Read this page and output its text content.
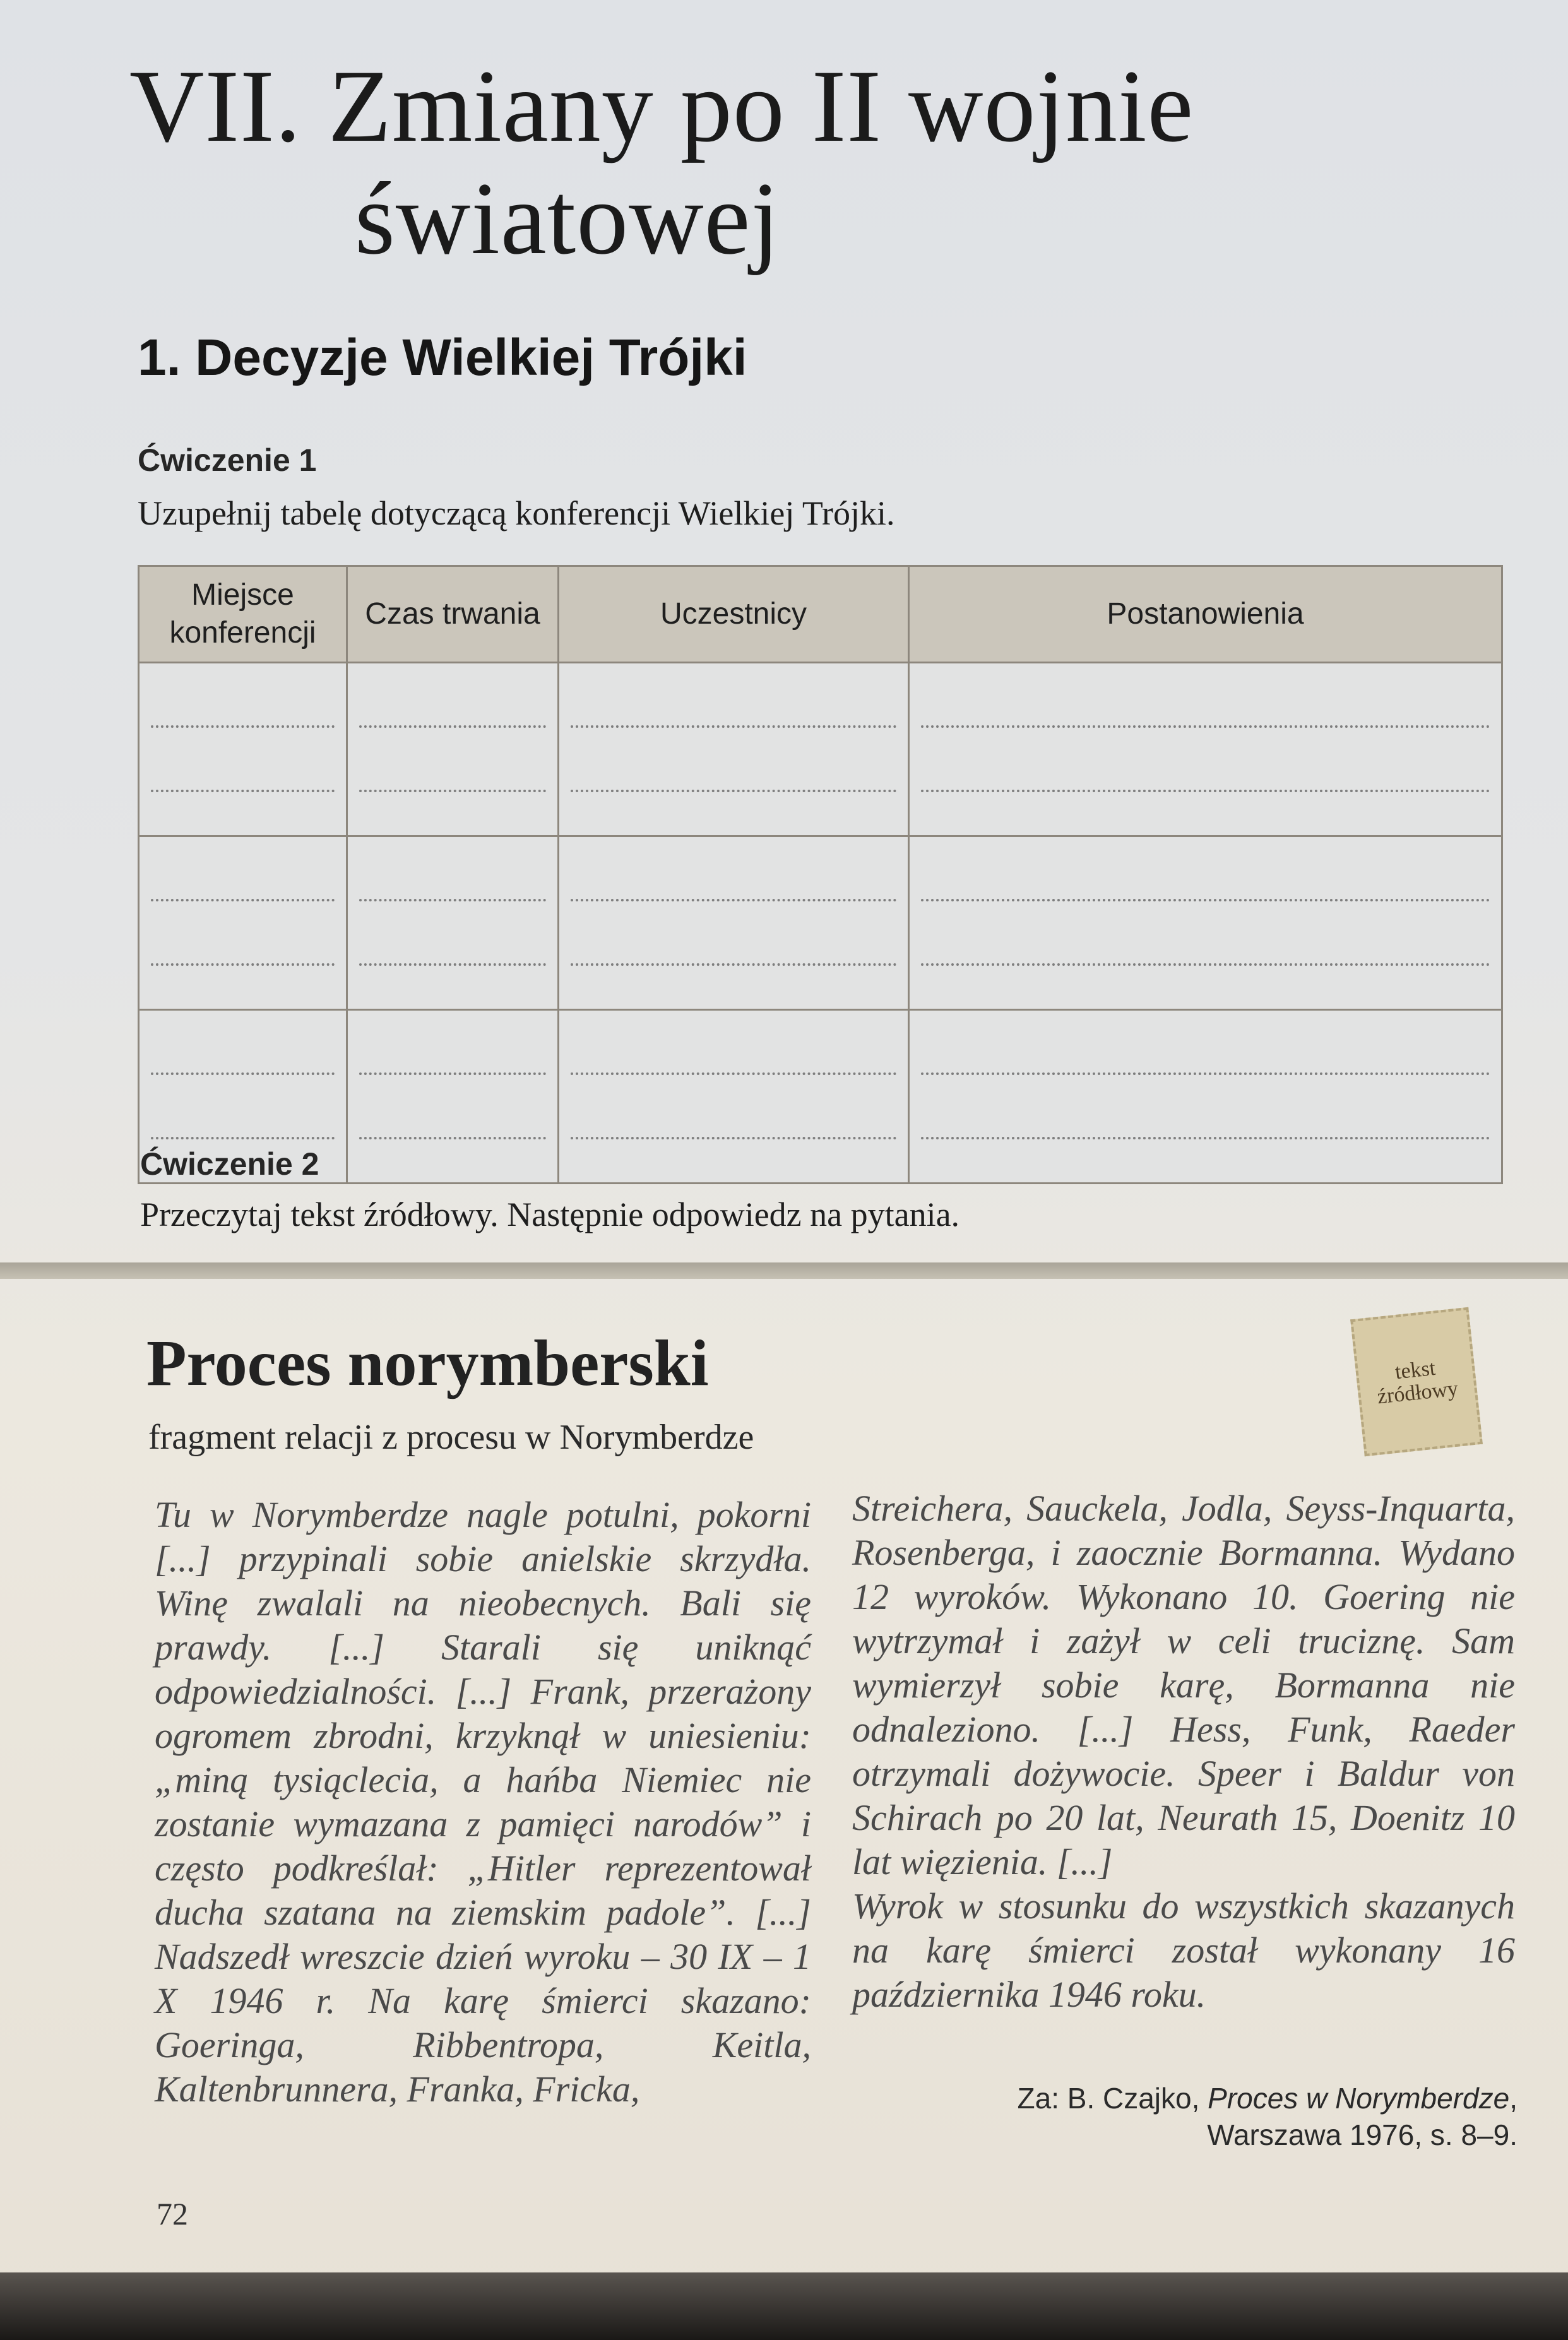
VII. Zmiany po II wojnie
światowej
1. Decyzje Wielkiej Trójki

Ćwiczenie 1

Uzupełnij tabelę dotyczącą konferencji Wielkiej Trójki.

Miejsce konferencji	Czas trwania	Uczestnicy	Postanowienia

Ćwiczenie 2

Przeczytaj tekst źródłowy. Następnie odpowiedz na pytania.

Proces norymberski

fragment relacji z procesu w Norymberdze

tekst
źródłowy

Tu w Norymberdze nagle potulni, pokorni [...] przypinali sobie anielskie skrzydła. Winę zwalali na nieobecnych. Bali się prawdy. [...] Starali się uniknąć odpowiedzialności. [...] Frank, przerażony ogromem zbrodni, krzyknął w uniesieniu: „miną tysiąclecia, a hańba Niemiec nie zostanie wymazana z pamięci narodów” i często podkreślał: „Hitler reprezentował ducha szatana na ziemskim padole”. [...] Nadszedł wreszcie dzień wyroku – 30 IX – 1 X 1946 r. Na karę śmierci skazano: Goeringa, Ribbentropa, Keitla, Kaltenbrunnera, Franka, Fricka,

Streichera, Sauckela, Jodla, Seyss-Inquarta, Rosenberga, i zaocznie Bormanna. Wydano 12 wyroków. Wykonano 10. Goering nie wytrzymał i zażył w celi truciznę. Sam wymierzył sobie karę, Bormanna nie odnaleziono. [...] Hess, Funk, Raeder otrzymali dożywocie. Speer i Baldur von Schirach po 20 lat, Neurath 15, Doenitz 10 lat więzienia. [...]

Wyrok w stosunku do wszystkich skazanych na karę śmierci został wykonany 16 października 1946 roku.

Za: B. Czajko, Proces w Norymberdze,
Warszawa 1976, s. 8–9.

72
